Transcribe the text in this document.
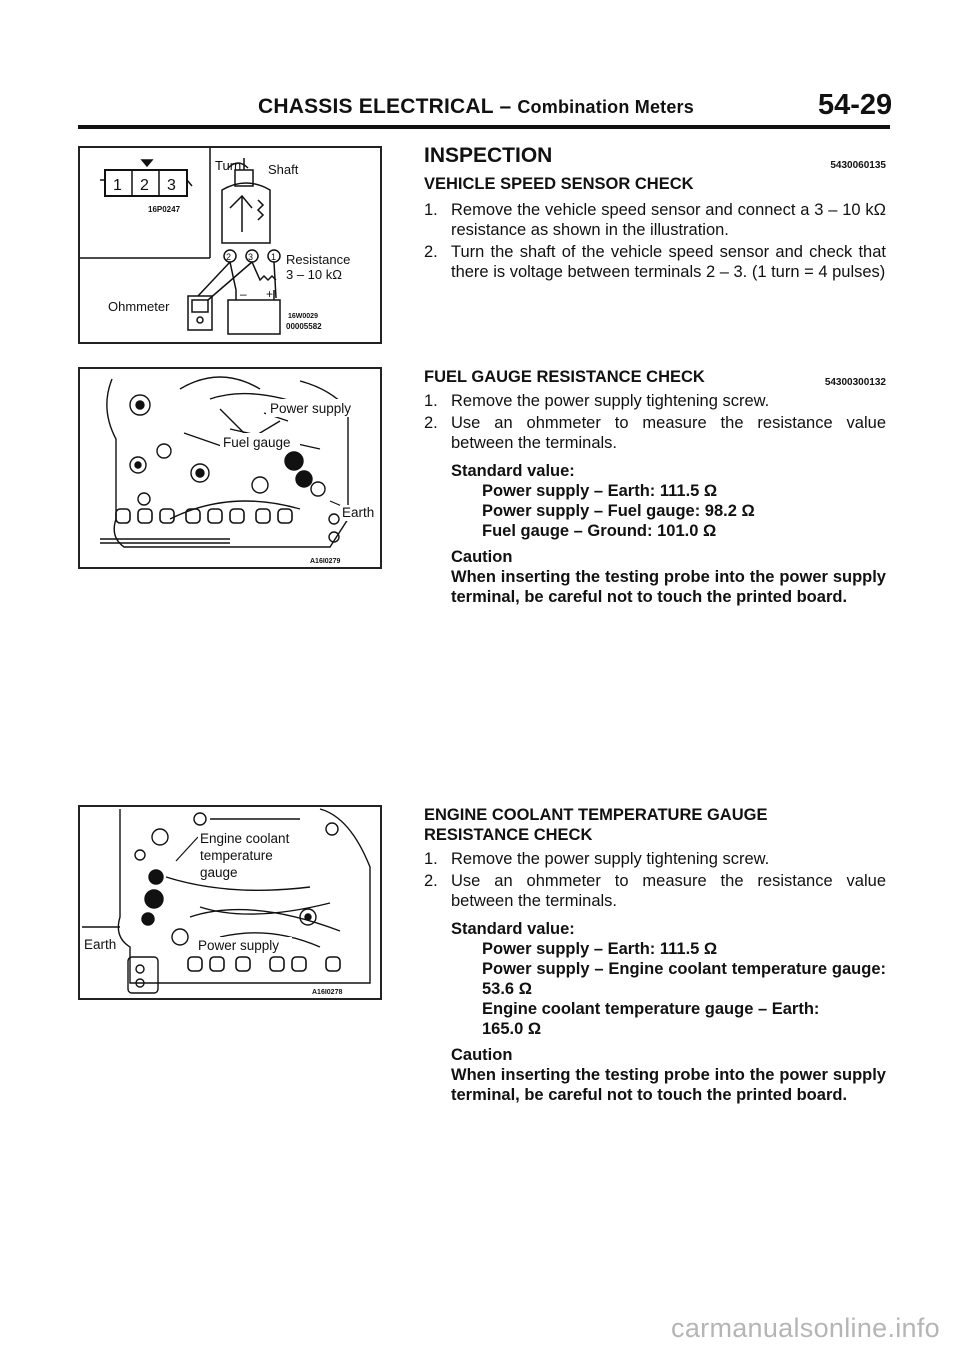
CHASSIS ELECTRICAL – Combination Meters	54-29
1 2 3
16P0247
Turn Shaft
2 3 1 Resistance
3 – 10 kΩ
Ohmmeter
– +
16W0029
00005582
Power supply
Fuel gauge
Earth
A16I0279
Engine coolant
temperature
gauge
Earth	Power supply
A16I0278
INSPECTION	5430060135
VEHICLE SPEED SENSOR CHECK
1. Remove the vehicle speed sensor and connect a 3 – 10 kΩ resistance as shown in the illustration.
2. Turn the shaft of the vehicle speed sensor and check that there is voltage between terminals 2 – 3. (1 turn = 4 pulses)
FUEL GAUGE RESISTANCE CHECK	54300300132
1. Remove the power supply tightening screw.
2. Use an ohmmeter to measure the resistance value between the terminals.
Standard value:
Power supply – Earth: 111.5 Ω
Power supply – Fuel gauge: 98.2 Ω
Fuel gauge – Ground: 101.0 Ω
Caution
When inserting the testing probe into the power supply terminal, be careful not to touch the printed board.
ENGINE COOLANT TEMPERATURE GAUGE
RESISTANCE CHECK
1. Remove the power supply tightening screw.
2. Use an ohmmeter to measure the resistance value between the terminals.
Standard value:
Power supply – Earth: 111.5 Ω
Power supply – Engine coolant temperature gauge: 53.6 Ω
Engine coolant temperature gauge – Earth: 165.0 Ω
Caution
When inserting the testing probe into the power supply terminal, be careful not to touch the printed board.
carmanualsonline.info
